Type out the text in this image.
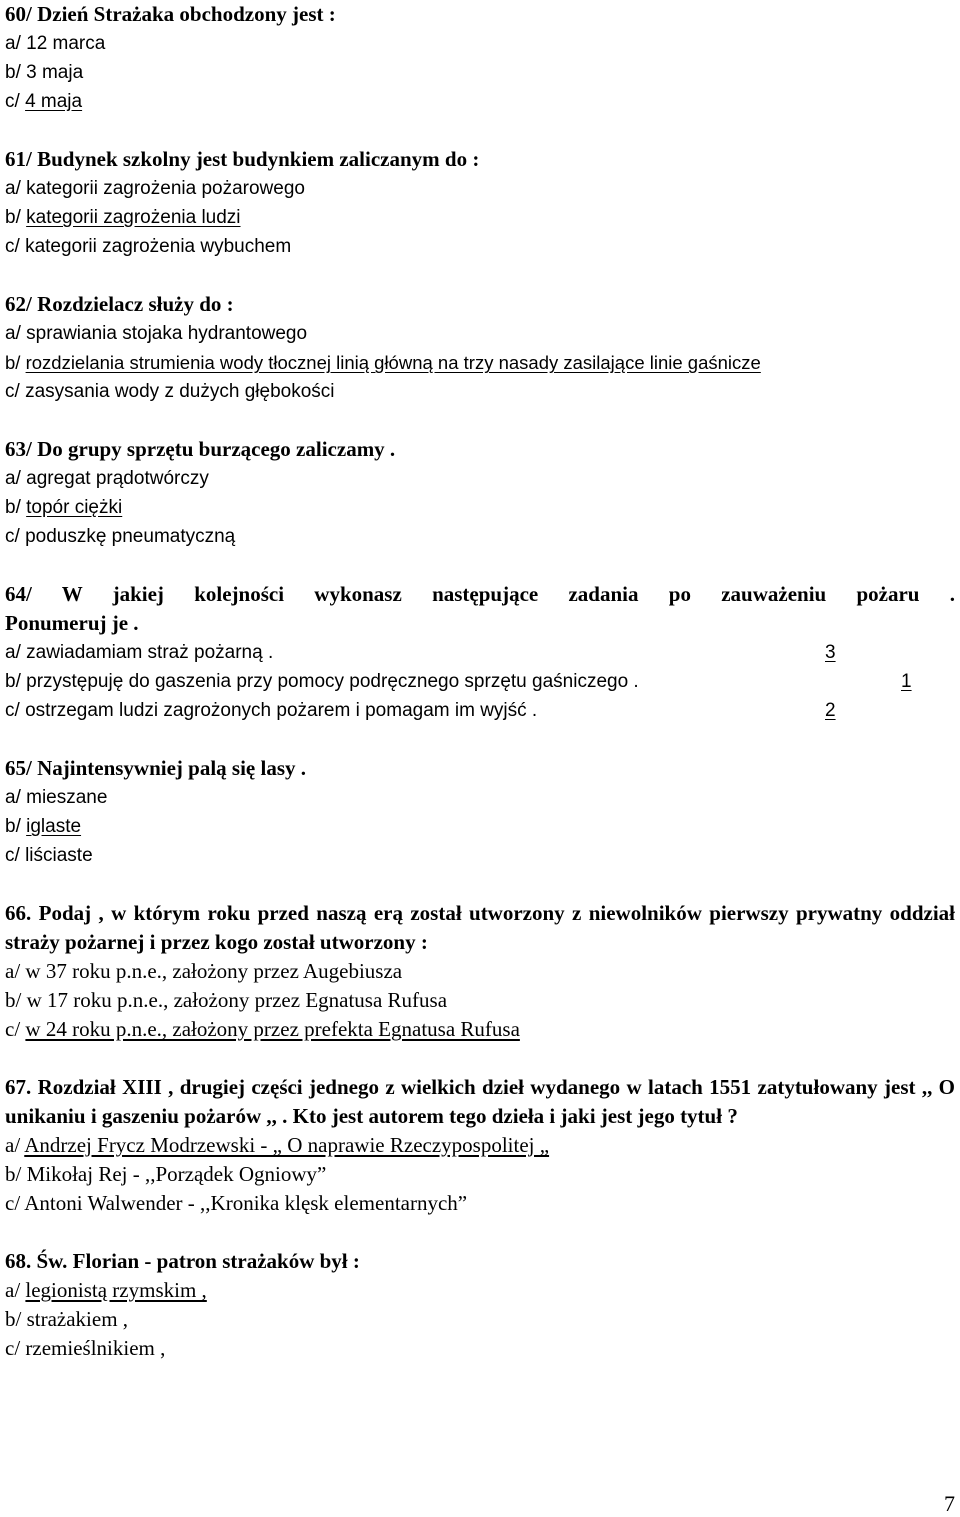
60/ Dzień Strażaka obchodzony jest :
a/ 12 marca
b/ 3 maja
c/ 4 maja
61/ Budynek szkolny jest budynkiem zaliczanym do :
a/ kategorii zagrożenia pożarowego
b/ kategorii zagrożenia ludzi
c/ kategorii zagrożenia wybuchem
62/ Rozdzielacz służy do :
a/ sprawiania stojaka hydrantowego
b/ rozdzielania strumienia wody tłocznej linią główną na trzy nasady zasilające linie gaśnicze
c/ zasysania wody z dużych głębokości
63/ Do grupy sprzętu burzącego zaliczamy .
a/ agregat prądotwórczy
b/ topór ciężki
c/ poduszkę pneumatyczną
64/ W jakiej kolejności wykonasz następujące zadania po zauważeniu pożaru .
Ponumeruj je .
a/ zawiadamiam straż pożarną .	3
b/ przystępuję do gaszenia przy pomocy podręcznego sprzętu gaśniczego .	1
c/ ostrzegam ludzi zagrożonych pożarem i pomagam im wyjść .	2
65/ Najintensywniej palą się lasy .
a/ mieszane
b/ iglaste
c/ liściaste
66. Podaj , w którym roku przed naszą erą został utworzony z niewolników pierwszy prywatny oddział straży pożarnej i przez kogo został utworzony :
a/ w 37 roku p.n.e., założony przez Augebiusza
b/ w 17 roku p.n.e., założony przez Egnatusa Rufusa
c/ w 24 roku p.n.e., założony przez prefekta Egnatusa Rufusa
67. Rozdział XIII , drugiej części jednego z wielkich dzieł wydanego w latach 1551 zatytułowany jest ,, O unikaniu i gaszeniu pożarów ,, . Kto jest autorem tego dzieła i jaki jest jego tytuł ?
a/ Andrzej Frycz Modrzewski - „ O naprawie Rzeczypospolitej „
b/ Mikołaj Rej - ,,Porządek Ogniowy”
c/ Antoni Walwender - ,,Kronika klęsk elementarnych”
68. Św. Florian - patron strażaków był :
a/ legionistą rzymskim ,
b/ strażakiem ,
c/ rzemieślnikiem ,
7
